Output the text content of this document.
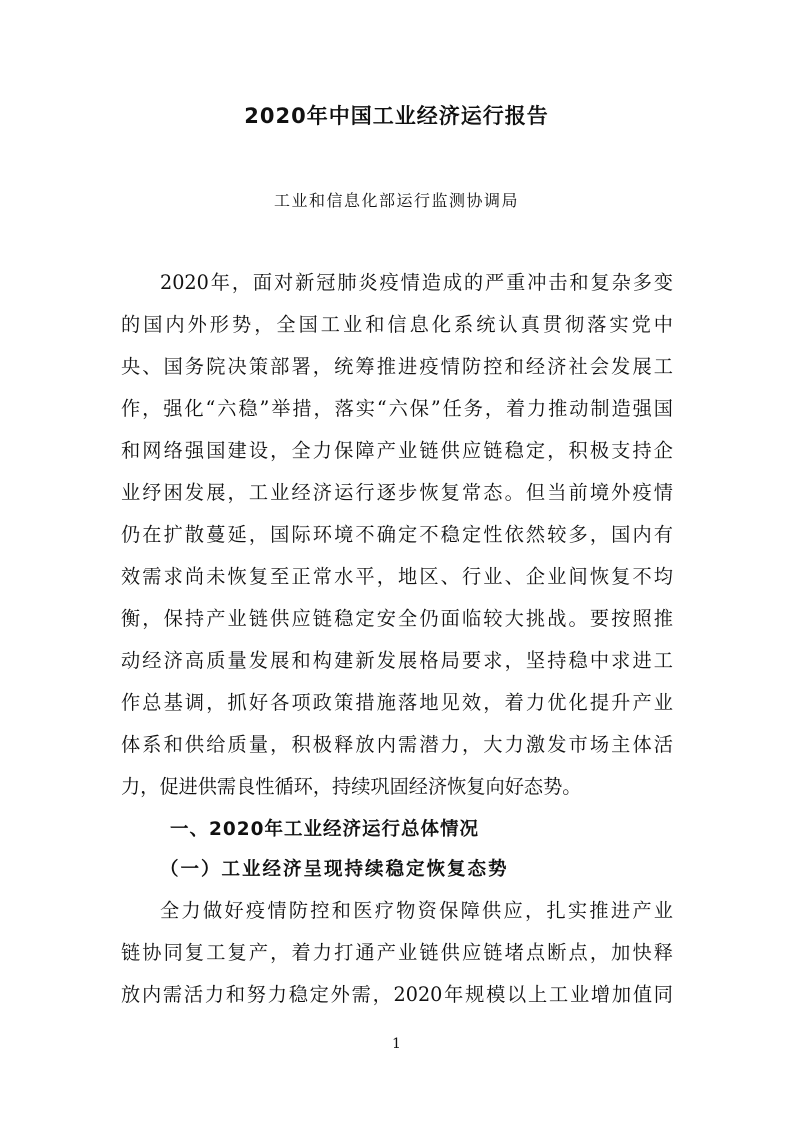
2020年中国工业经济运行报告
工业和信息化部运行监测协调局
2020年，面对新冠肺炎疫情造成的严重冲击和复杂多变
的国内外形势，全国工业和信息化系统认真贯彻落实党中
央、国务院决策部署，统筹推进疫情防控和经济社会发展工
作，强化“六稳”举措，落实“六保”任务，着力推动制造强国
和网络强国建设，全力保障产业链供应链稳定，积极支持企
业纾困发展，工业经济运行逐步恢复常态。但当前境外疫情
仍在扩散蔓延，国际环境不确定不稳定性依然较多，国内有
效需求尚未恢复至正常水平，地区、行业、企业间恢复不均
衡，保持产业链供应链稳定安全仍面临较大挑战。要按照推
动经济高质量发展和构建新发展格局要求，坚持稳中求进工
作总基调，抓好各项政策措施落地见效，着力优化提升产业
体系和供给质量，积极释放内需潜力，大力激发市场主体活
力，促进供需良性循环，持续巩固经济恢复向好态势。
一、2020年工业经济运行总体情况
（一）工业经济呈现持续稳定恢复态势
全力做好疫情防控和医疗物资保障供应，扎实推进产业
链协同复工复产，着力打通产业链供应链堵点断点，加快释
放内需活力和努力稳定外需，2020年规模以上工业增加值同
1
